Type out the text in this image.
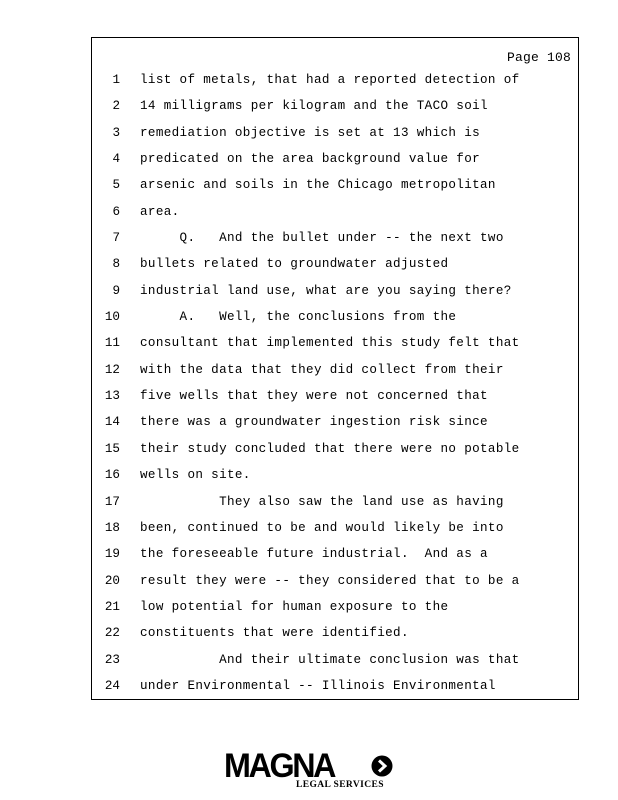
Page 108
1 list of metals, that had a reported detection of
2 14 milligrams per kilogram and the TACO soil
3 remediation objective is set at 13 which is
4 predicated on the area background value for
5 arsenic and soils in the Chicago metropolitan
6 area.
7 Q.   And the bullet under -- the next two
8 bullets related to groundwater adjusted
9 industrial land use, what are you saying there?
10 A.   Well, the conclusions from the
11 consultant that implemented this study felt that
12 with the data that they did collect from their
13 five wells that they were not concerned that
14 there was a groundwater ingestion risk since
15 their study concluded that there were no potable
16 wells on site.
17 They also saw the land use as having
18 been, continued to be and would likely be into
19 the foreseeable future industrial.  And as a
20 result they were -- they considered that to be a
21 low potential for human exposure to the
22 constituents that were identified.
23 And their ultimate conclusion was that
24 under Environmental -- Illinois Environmental
MAGNA
LEGAL SERVICES
